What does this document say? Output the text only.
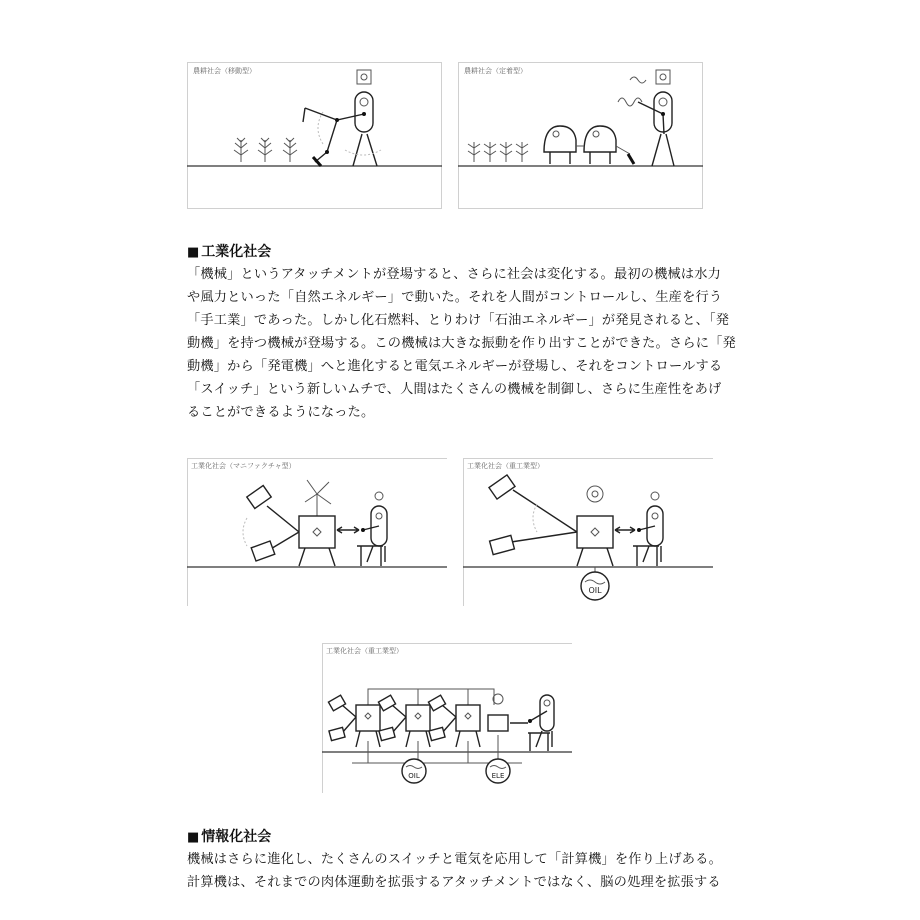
農耕社会（移動型）	農耕社会（定着型）
■ 工業化社会
「機械」というアタッチメントが登場すると、さらに社会は変化する。最初の機械は水力
や風力といった「自然エネルギー」で動いた。それを人間がコントロールし、生産を行う
「手工業」であった。しかし化石燃料、とりわけ「石油エネルギー」が発見されると、「発
動機」を持つ機械が登場する。この機械は大きな振動を作り出すことができた。さらに「発
動機」から「発電機」へと進化すると電気エネルギーが登場し、それをコントロールする
「スイッチ」という新しいムチで、人間はたくさんの機械を制御し、さらに生産性をあげ
ることができるようになった。
工業化社会（マニファクチャ型）
OIL
工業化社会（重工業型）
OIL	ELE
工業化社会（重工業型）
■ 情報化社会
機械はさらに進化し、たくさんのスイッチと電気を応用して「計算機」を作り上げある。
計算機は、それまでの肉体運動を拡張するアタッチメントではなく、脳の処理を拡張する
